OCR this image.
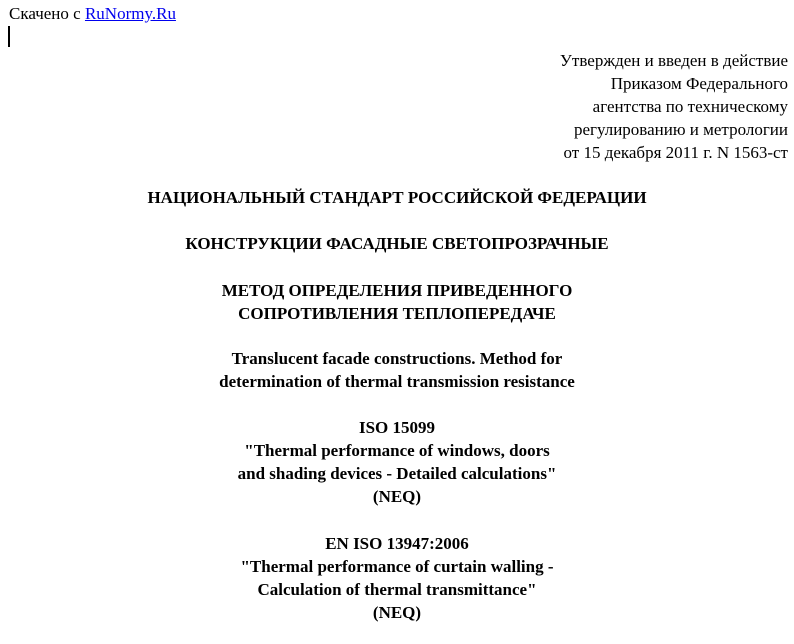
Скачено с RuNormy.Ru
Утвержден и введен в действие
Приказом Федерального
агентства по техническому
регулированию и метрологии
от 15 декабря 2011 г. N 1563-ст
НАЦИОНАЛЬНЫЙ СТАНДАРТ РОССИЙСКОЙ ФЕДЕРАЦИИ
КОНСТРУКЦИИ ФАСАДНЫЕ СВЕТОПРОЗРАЧНЫЕ
МЕТОД ОПРЕДЕЛЕНИЯ ПРИВЕДЕННОГО
СОПРОТИВЛЕНИЯ ТЕПЛОПЕРЕДАЧЕ
Translucent facade constructions. Method for
determination of thermal transmission resistance
ISO 15099
"Thermal performance of windows, doors
and shading devices - Detailed calculations"
(NEQ)
EN ISO 13947:2006
"Thermal performance of curtain walling -
Calculation of thermal transmittance"
(NEQ)
